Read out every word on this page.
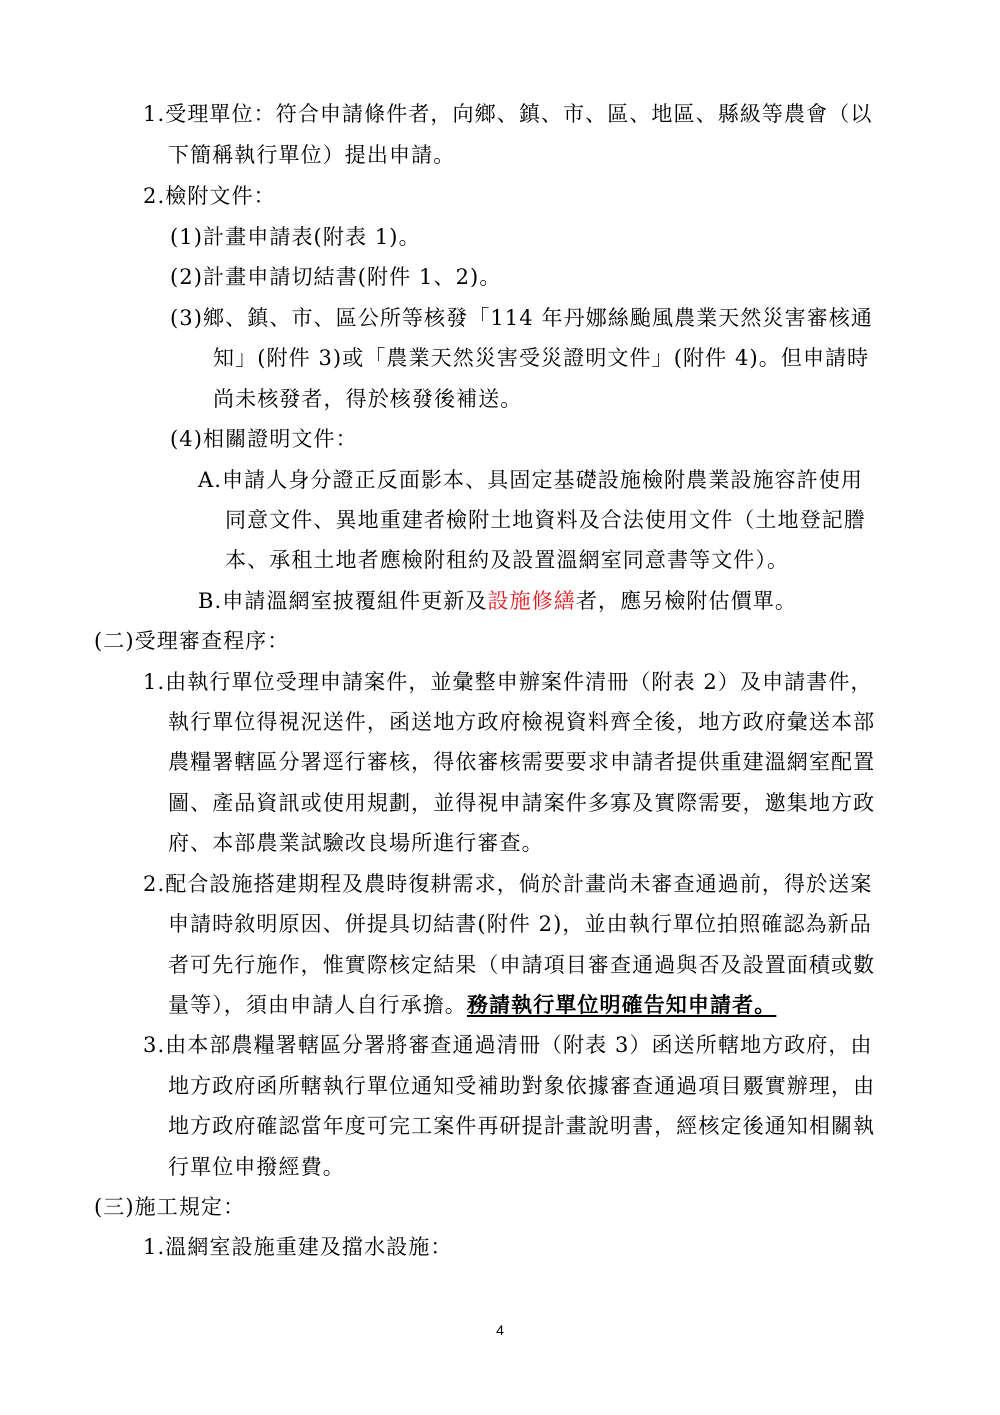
1.受理單位：符合申請條件者，向鄉、鎮、市、區、地區、縣級等農會（以
下簡稱執行單位）提出申請。
2.檢附文件：
(1)計畫申請表(附表 1)。
(2)計畫申請切結書(附件 1、2)。
(3)鄉、鎮、市、區公所等核發「114 年丹娜絲颱風農業天然災害審核通
知」(附件 3)或「農業天然災害受災證明文件」(附件 4)。但申請時
尚未核發者，得於核發後補送。
(4)相關證明文件：
A.申請人身分證正反面影本、具固定基礎設施檢附農業設施容許使用
同意文件、異地重建者檢附土地資料及合法使用文件（土地登記謄
本、承租土地者應檢附租約及設置溫網室同意書等文件）。
B.申請溫網室披覆組件更新及設施修繕者，應另檢附估價單。
(二)受理審查程序：
1.由執行單位受理申請案件，並彙整申辦案件清冊（附表 2）及申請書件，
執行單位得視況送件，函送地方政府檢視資料齊全後，地方政府彙送本部
農糧署轄區分署逕行審核，得依審核需要要求申請者提供重建溫網室配置
圖、產品資訊或使用規劃，並得視申請案件多寡及實際需要，邀集地方政
府、本部農業試驗改良場所進行審查。
2.配合設施搭建期程及農時復耕需求，倘於計畫尚未審查通過前，得於送案
申請時敘明原因、併提具切結書(附件 2)，並由執行單位拍照確認為新品
者可先行施作，惟實際核定結果（申請項目審查通過與否及設置面積或數
量等），須由申請人自行承擔。務請執行單位明確告知申請者。
3.由本部農糧署轄區分署將審查通過清冊（附表 3）函送所轄地方政府，由
地方政府函所轄執行單位通知受補助對象依據審查通過項目覈實辦理，由
地方政府確認當年度可完工案件再研提計畫說明書，經核定後通知相關執
行單位申撥經費。
(三)施工規定：
1.溫網室設施重建及擋水設施：
4
